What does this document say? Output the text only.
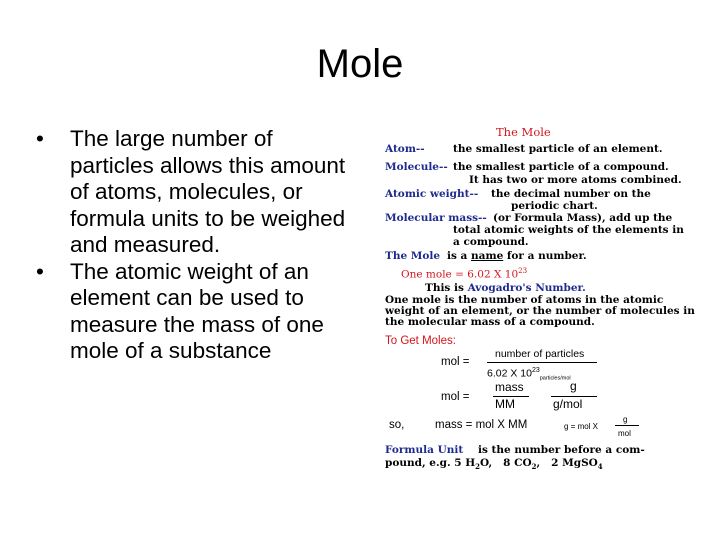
Mole
• The large number of particles allows this amount of atoms, molecules, or formula units to be weighed and measured.
• The atomic weight of an element can be used to measure the mass of one mole of a substance
The Mole
Atom--	the smallest particle of an element.
Molecule-- the smallest particle of a compound.
It has two or more atoms combined.
Atomic weight-- the decimal number on the
periodic chart.
Molecular mass-- (or Formula Mass), add up the
total atomic weights of the elements in
a compound.
The Mole is a name for a number.
One mole = 6.02 X $10^{23}$
This is Avogadro's Number.
One mole is the number of atoms in the atomic
weight of an element, or the number of molecules in
the molecular mass of a compound.
To Get Moles:
mol =
number of particles
6.02 X $10^{23}_{particles/mol}$
mol =
mass
MM
g
g/mol
so,	mass = mol X MM	g = mol X
g
mol
Formula Unit is the number before a com-
pound, e.g. 5 $H_2O$, 8 $CO_2$,   2 MgSO$_4$
